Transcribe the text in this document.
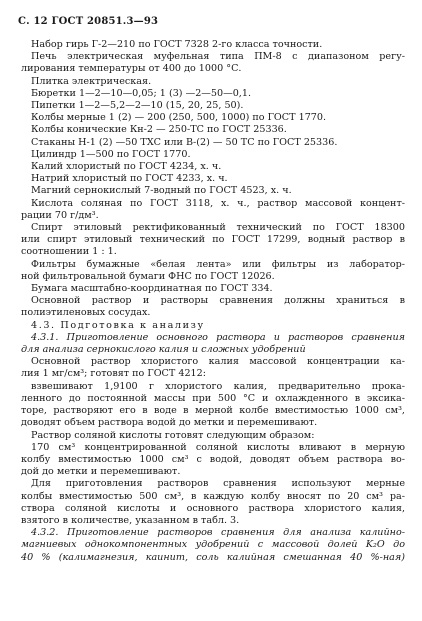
С. 12 ГОСТ 20851.3—93
Набор гирь Г-2—210 по ГОСТ 7328 2-го класса точности.
Печь электрическая муфельная типа ПМ-8 с диапазоном регу-
лирования температуры от 400 до 1000 °С.
Плитка электрическая.
Бюретки 1—2—10—0,05; 1 (3) —2—50—0,1.
Пипетки 1—2—5,2—2—10 (15, 20, 25, 50).
Колбы мерные 1 (2) — 200 (250, 500, 1000) по ГОСТ 1770.
Колбы конические Кн-2 — 250-ТС по ГОСТ 25336.
Стаканы Н-1 (2) —50 ТХС или В-(2) — 50 ТС по ГОСТ 25336.
Цилиндр 1—500 по ГОСТ 1770.
Калий хлористый по ГОСТ 4234, х. ч.
Натрий хлористый по ГОСТ 4233, х. ч.
Магний сернокислый 7-водный по ГОСТ 4523, х. ч.
Кислота соляная по ГОСТ 3118, х. ч., раствор массовой концент-
рации 70 г/дм³.
Спирт этиловый ректификованный технический по ГОСТ 18300
или спирт этиловый технический по ГОСТ 17299, водный раствор в
соотношении 1 : 1.
Фильтры бумажные «белая лента» или фильтры из лаборатор-
ной фильтровальной бумаги ФНС по ГОСТ 12026.
Бумага масштабно-координатная по ГОСТ 334.
Основной раствор и растворы сравнения должны храниться в
полиэтиленовых сосудах.
4.3. Подготовка к анализу
4.3.1. Приготовление основного раствора и растворов сравнения
для анализа сернокислого калия и сложных удобрений
Основной раствор хлористого калия массовой концентрации ка-
лия 1 мг/см³; готовят по ГОСТ 4212:
взвешивают 1,9100 г хлористого калия, предварительно прока-
ленного до постоянной массы при 500 °С и охлажденного в эксика-
торе, растворяют его в воде в мерной колбе вместимостью 1000 см³,
доводят объем раствора водой до метки и перемешивают.
Раствор соляной кислоты готовят следующим образом:
170 см³ концентрированной соляной кислоты вливают в мерную
колбу вместимостью 1000 см³ с водой, доводят объем раствора во-
дой до метки и перемешивают.
Для приготовления растворов сравнения используют мерные
колбы вместимостью 500 см³, в каждую колбу вносят по 20 см³ ра-
створа соляной кислоты и основного раствора хлористого калия,
взятого в количестве, указанном в табл. 3.
4.3.2. Приготовление растворов сравнения для анализа калийно-
магниевых однокомпонентных удобрений с массовой долей K₂O до
40 % (калимагнезия, каинит, соль калийная смешанная 40 %-ная)
